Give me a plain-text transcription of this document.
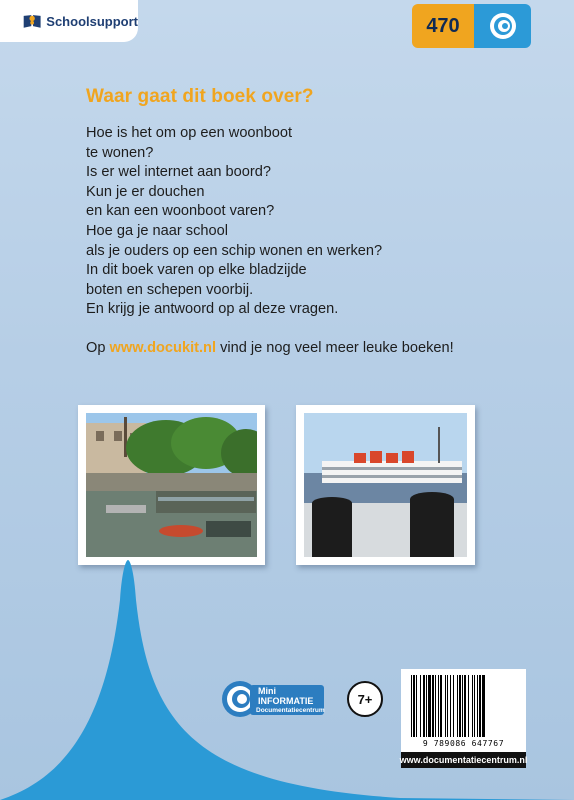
Schoolsupport	470
Waar gaat dit boek over?
Hoe is het om op een woonboot
te wonen?
Is er wel internet aan boord?
Kun je er douchen
en kan een woonboot varen?
Hoe ga je naar school
als je ouders op een schip wonen en werken?
In dit boek varen op elke bladzijde
boten en schepen voorbij.
En krijg je antwoord op al deze vragen.
Op www.docukit.nl vind je nog veel meer leuke boeken!
Mini
INFORMATIE
Documentatiecentrum
7+
9 789086 647767
www.documentatiecentrum.nl
